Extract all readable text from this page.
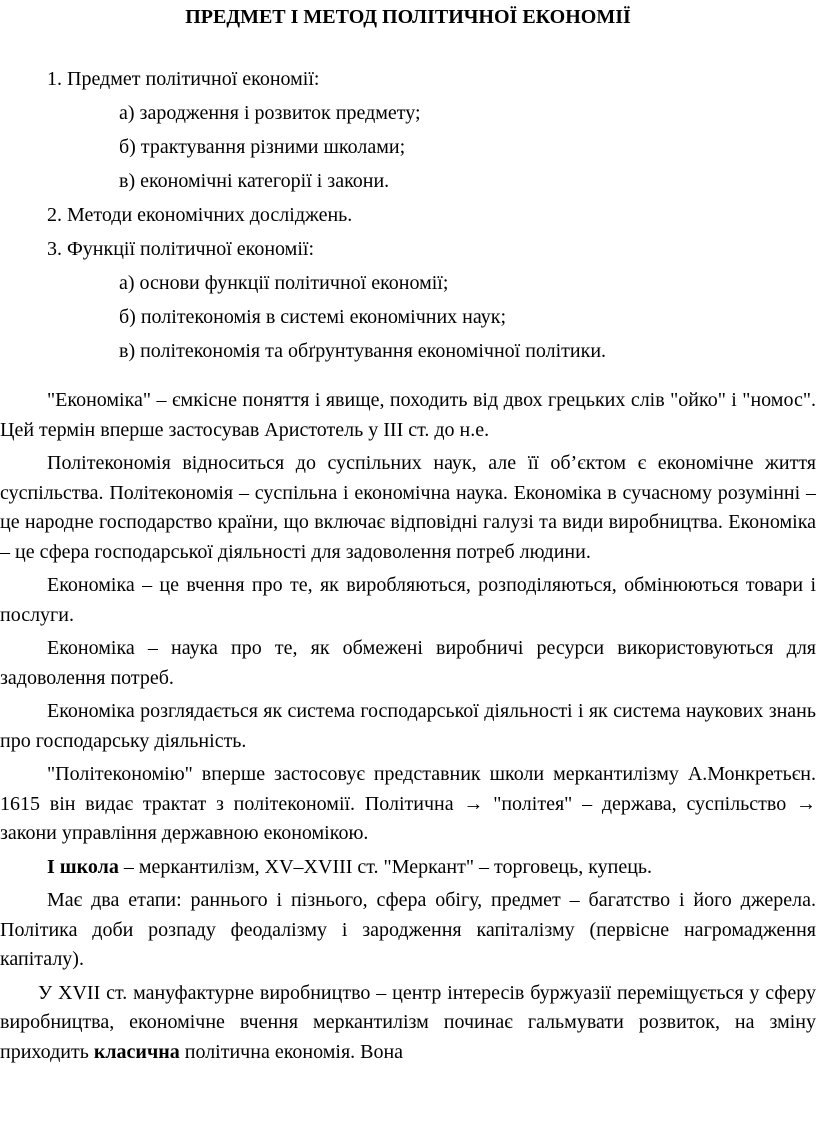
ПРЕДМЕТ І МЕТОД ПОЛІТИЧНОЇ ЕКОНОМІЇ
1. Предмет політичної економії:
а) зародження і розвиток предмету;
б) трактування різними школами;
в) економічні категорії і закони.
2. Методи економічних досліджень.
3. Функції політичної економії:
а) основи функції політичної економії;
б) політекономія в системі економічних наук;
в) політекономія та обґрунтування економічної політики.

"Економіка" – ємкісне поняття і явище, походить від двох грецьких слів "ойко" і "номос". Цей термін вперше застосував Аристотель у ІІІ ст. до н.е.

Політекономія відноситься до суспільних наук, але її об’єктом є економічне життя суспільства. Політекономія – суспільна і економічна наука. Економіка в сучасному розумінні – це народне господарство країни, що включає відповідні галузі та види виробництва. Економіка – це сфера господарської діяльності для задоволення потреб людини.

Економіка – це вчення про те, як виробляються, розподіляються, обмінюються товари і послуги.

Економіка – наука про те, як обмежені виробничі ресурси використовуються для задоволення потреб.

Економіка розглядається як система господарської діяльності і як система наукових знань про господарську діяльність.

"Політекономію" вперше застосовує представник школи меркантилізму А.Монкретьєн. 1615 він видає трактат з політекономії. Політична → "політея" – держава, суспільство → закони управління державною економікою.

І школа – меркантилізм, XV–XVIII ст. "Меркант" – торговець, купець.

Має два етапи: раннього і пізнього, сфера обігу, предмет – багатство і його джерела. Політика доби розпаду феодалізму і зародження капіталізму (первісне нагромадження капіталу).

У XVII ст. мануфактурне виробництво – центр інтересів буржуазії переміщується у сферу виробництва, економічне вчення меркантилізм починає гальмувати розвиток, на зміну приходить класична політична економія. Вона
